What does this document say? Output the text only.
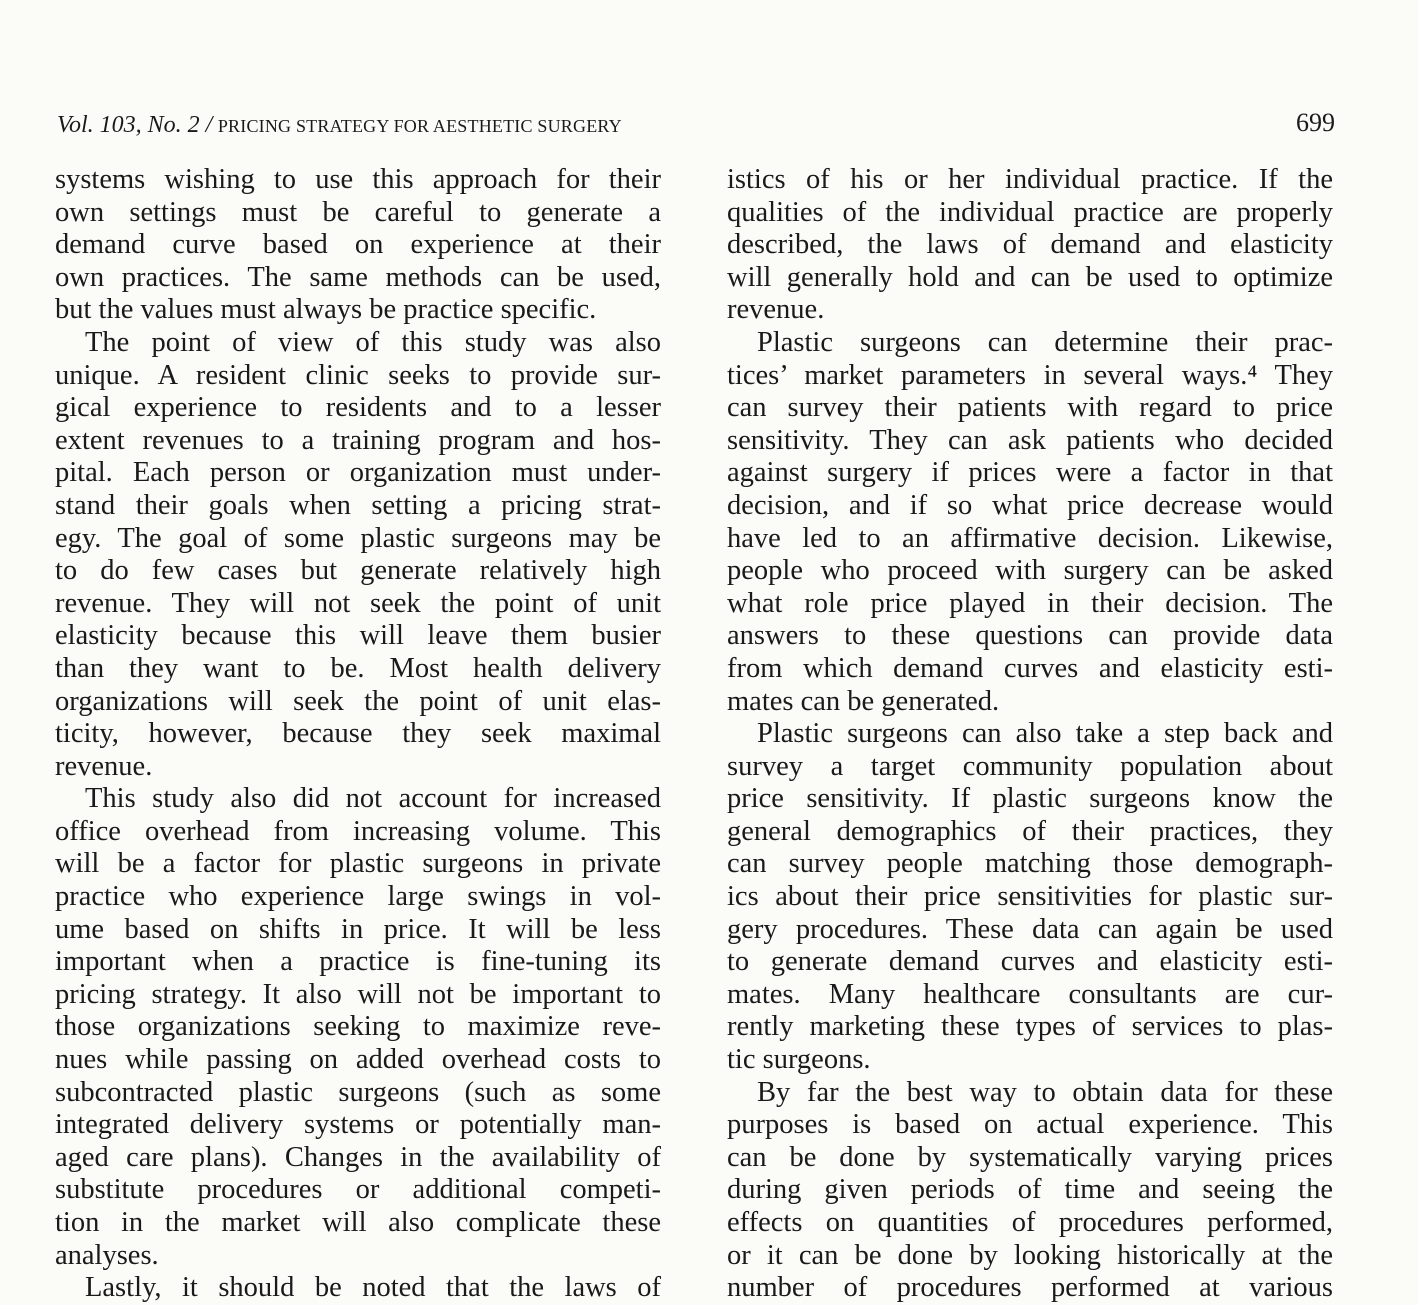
Vol. 103, No. 2 / PRICING STRATEGY FOR AESTHETIC SURGERY	699
systems wishing to use this approach for their
own settings must be careful to generate a
demand curve based on experience at their
own practices. The same methods can be used,
but the values must always be practice specific.
The point of view of this study was also
unique. A resident clinic seeks to provide sur-
gical experience to residents and to a lesser
extent revenues to a training program and hos-
pital. Each person or organization must under-
stand their goals when setting a pricing strat-
egy. The goal of some plastic surgeons may be
to do few cases but generate relatively high
revenue. They will not seek the point of unit
elasticity because this will leave them busier
than they want to be. Most health delivery
organizations will seek the point of unit elas-
ticity, however, because they seek maximal
revenue.
This study also did not account for increased
office overhead from increasing volume. This
will be a factor for plastic surgeons in private
practice who experience large swings in vol-
ume based on shifts in price. It will be less
important when a practice is fine-tuning its
pricing strategy. It also will not be important to
those organizations seeking to maximize reve-
nues while passing on added overhead costs to
subcontracted plastic surgeons (such as some
integrated delivery systems or potentially man-
aged care plans). Changes in the availability of
substitute procedures or additional competi-
tion in the market will also complicate these
analyses.
Lastly, it should be noted that the laws of
istics of his or her individual practice. If the
qualities of the individual practice are properly
described, the laws of demand and elasticity
will generally hold and can be used to optimize
revenue.
Plastic surgeons can determine their prac-
tices’ market parameters in several ways.⁴ They
can survey their patients with regard to price
sensitivity. They can ask patients who decided
against surgery if prices were a factor in that
decision, and if so what price decrease would
have led to an affirmative decision. Likewise,
people who proceed with surgery can be asked
what role price played in their decision. The
answers to these questions can provide data
from which demand curves and elasticity esti-
mates can be generated.
Plastic surgeons can also take a step back and
survey a target community population about
price sensitivity. If plastic surgeons know the
general demographics of their practices, they
can survey people matching those demograph-
ics about their price sensitivities for plastic sur-
gery procedures. These data can again be used
to generate demand curves and elasticity esti-
mates. Many healthcare consultants are cur-
rently marketing these types of services to plas-
tic surgeons.
By far the best way to obtain data for these
purposes is based on actual experience. This
can be done by systematically varying prices
during given periods of time and seeing the
effects on quantities of procedures performed,
or it can be done by looking historically at the
number of procedures performed at various
